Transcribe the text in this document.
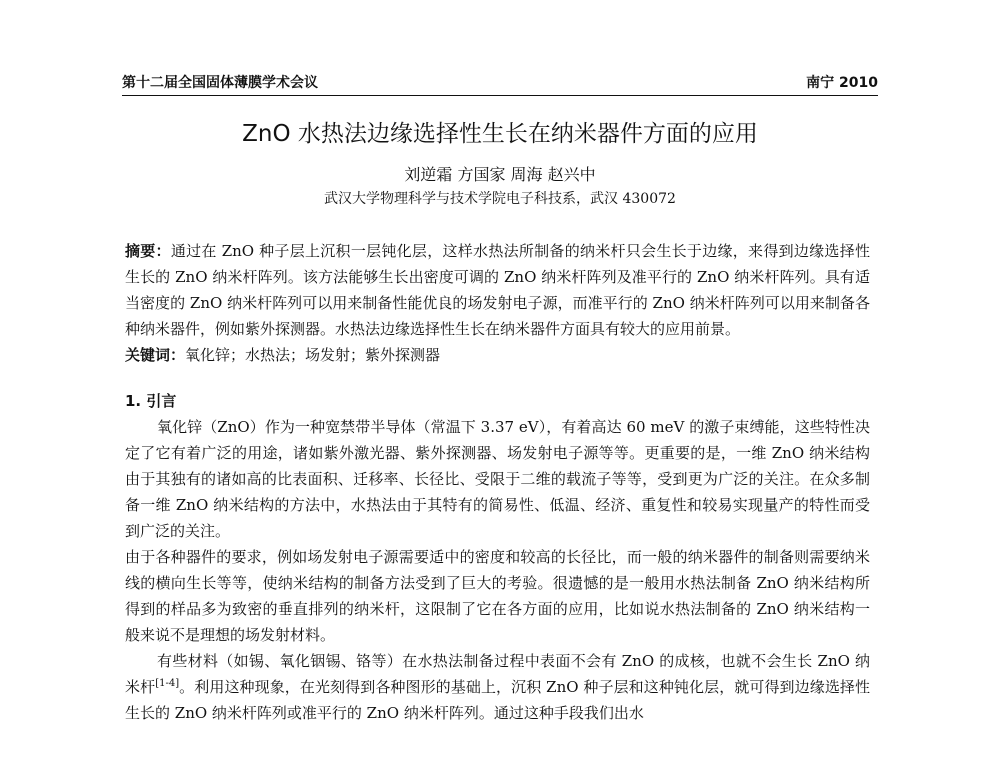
第十二届全国固体薄膜学术会议	南宁 2010
ZnO 水热法边缘选择性生长在纳米器件方面的应用
刘逆霜 方国家 周海 赵兴中
武汉大学物理科学与技术学院电子科技系，武汉 430072

摘要：通过在 ZnO 种子层上沉积一层钝化层，这样水热法所制备的纳米杆只会生长于边缘，来得到边缘选择性生长的 ZnO 纳米杆阵列。该方法能够生长出密度可调的 ZnO 纳米杆阵列及准平行的 ZnO 纳米杆阵列。具有适当密度的 ZnO 纳米杆阵列可以用来制备性能优良的场发射电子源，而准平行的 ZnO 纳米杆阵列可以用来制备各种纳米器件，例如紫外探测器。水热法边缘选择性生长在纳米器件方面具有较大的应用前景。

关键词：氧化锌；水热法；场发射；紫外探测器

1. 引言

氧化锌（ZnO）作为一种宽禁带半导体（常温下 3.37 eV），有着高达 60 meV 的激子束缚能，这些特性决定了它有着广泛的用途，诸如紫外激光器、紫外探测器、场发射电子源等等。更重要的是，一维 ZnO 纳米结构由于其独有的诸如高的比表面积、迁移率、长径比、受限于二维的载流子等等，受到更为广泛的关注。在众多制备一维 ZnO 纳米结构的方法中，水热法由于其特有的简易性、低温、经济、重复性和较易实现量产的特性而受到广泛的关注。

由于各种器件的要求，例如场发射电子源需要适中的密度和较高的长径比，而一般的纳米器件的制备则需要纳米线的横向生长等等，使纳米结构的制备方法受到了巨大的考验。很遗憾的是一般用水热法制备 ZnO 纳米结构所得到的样品多为致密的垂直排列的纳米杆，这限制了它在各方面的应用，比如说水热法制备的 ZnO 纳米结构一般来说不是理想的场发射材料。

有些材料（如锡、氧化铟锡、铬等）在水热法制备过程中表面不会有 ZnO 的成核，也就不会生长 ZnO 纳米杆[1-4]。利用这种现象，在光刻得到各种图形的基础上，沉积 ZnO 种子层和这种钝化层，就可得到边缘选择性生长的 ZnO 纳米杆阵列或准平行的 ZnO 纳米杆阵列。通过这种手段我们出水
